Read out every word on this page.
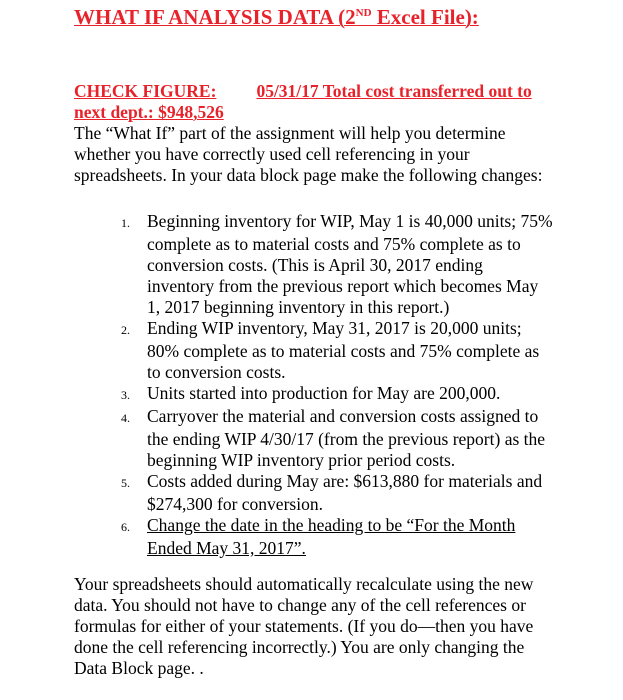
WHAT IF ANALYSIS DATA (2ND Excel File):
CHECK FIGURE: 05/31/17 Total cost transferred out to next dept.: $948,526
The “What If” part of the assignment will help you determine whether you have correctly used cell referencing in your spreadsheets. In your data block page make the following changes:
1. Beginning inventory for WIP, May 1 is 40,000 units; 75% complete as to material costs and 75% complete as to conversion costs. (This is April 30, 2017 ending inventory from the previous report which becomes May 1, 2017 beginning inventory in this report.)
2. Ending WIP inventory, May 31, 2017 is 20,000 units; 80% complete as to material costs and 75% complete as to conversion costs.
3. Units started into production for May are 200,000.
4. Carryover the material and conversion costs assigned to the ending WIP 4/30/17 (from the previous report) as the beginning WIP inventory prior period costs.
5. Costs added during May are: $613,880 for materials and $274,300 for conversion.
6. Change the date in the heading to be “For the Month Ended May 31, 2017”.
Your spreadsheets should automatically recalculate using the new data. You should not have to change any of the cell references or formulas for either of your statements. (If you do—then you have done the cell referencing incorrectly.) You are only changing the Data Block page. .
